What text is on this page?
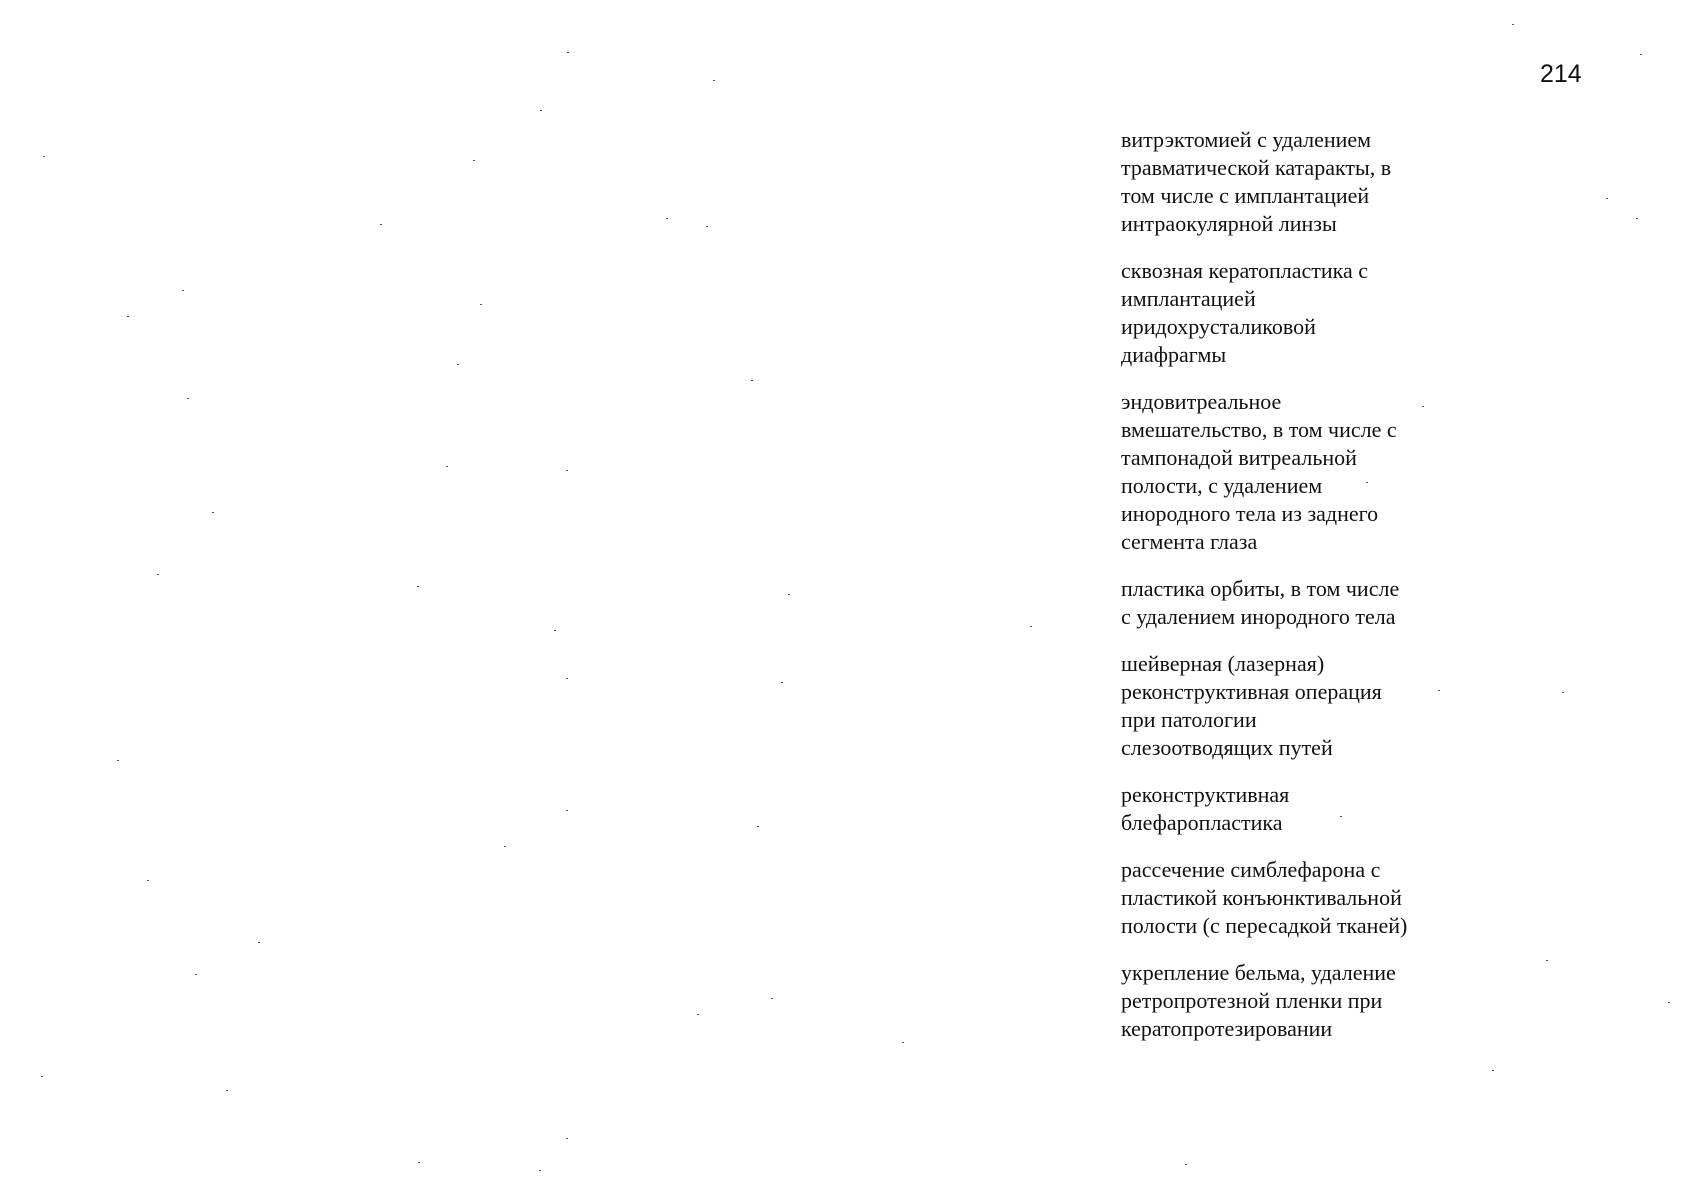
214

витрэктомией с удалением
травматической катаракты, в
том числе с имплантацией
интраокулярной линзы

сквозная кератопластика с
имплантацией
иридохрусталиковой
диафрагмы

эндовитреальное
вмешательство, в том числе с
тампонадой витреальной
полости, с удалением
инородного тела из заднего
сегмента глаза

пластика орбиты, в том числе
с удалением инородного тела

шейверная (лазерная)
реконструктивная операция
при патологии
слезоотводящих путей

реконструктивная
блефаропластика

рассечение симблефарона с
пластикой конъюнктивальной
полости (с пересадкой тканей)

укрепление бельма, удаление
ретропротезной пленки при
кератопротезировании
